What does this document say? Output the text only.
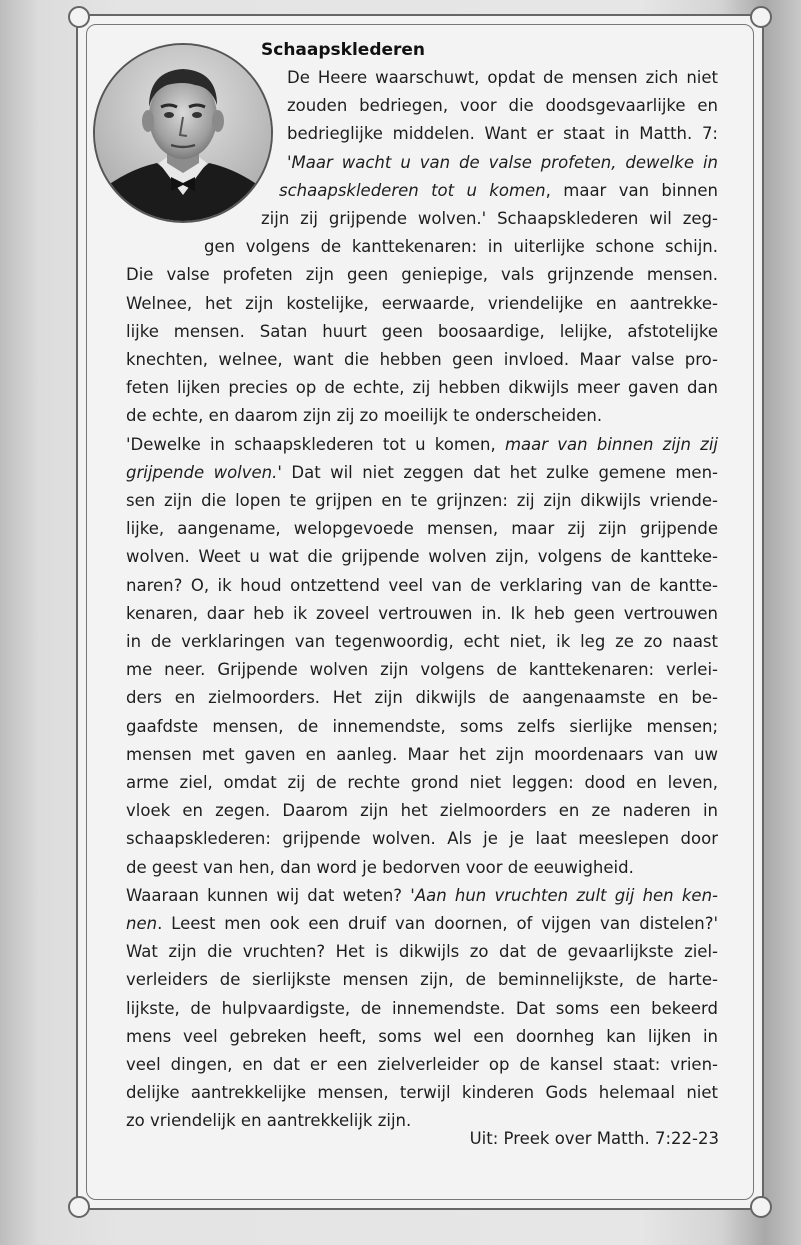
Schaapsklederen
De Heere waarschuwt, opdat de mensen zich niet
zouden bedriegen, voor die doodsgevaarlijke en
bedrieglijke middelen. Want er staat in Matth. 7:
'Maar wacht u van de valse profeten, dewelke in
schaapsklederen tot u komen, maar van binnen
zijn zij grijpende wolven.' Schaapsklederen wil zeg-
gen volgens de kanttekenaren: in uiterlijke schone schijn.
Die valse profeten zijn geen geniepige, vals grijnzende mensen.
Welnee, het zijn kostelijke, eerwaarde, vriendelijke en aantrekke-
lijke mensen. Satan huurt geen boosaardige, lelijke, afstotelijke
knechten, welnee, want die hebben geen invloed. Maar valse pro-
feten lijken precies op de echte, zij hebben dikwijls meer gaven dan
de echte, en daarom zijn zij zo moeilijk te onderscheiden.
'Dewelke in schaapsklederen tot u komen, maar van binnen zijn zij
grijpende wolven.' Dat wil niet zeggen dat het zulke gemene men-
sen zijn die lopen te grijpen en te grijnzen: zij zijn dikwijls vriende-
lijke, aangename, welopgevoede mensen, maar zij zijn grijpende
wolven. Weet u wat die grijpende wolven zijn, volgens de kanttеke-
naren? O, ik houd ontzettend veel van de verklaring van de kantte-
kenaren, daar heb ik zoveel vertrouwen in. Ik heb geen vertrouwen
in de verklaringen van tegenwoordig, echt niet, ik leg ze zo naast
me neer. Grijpende wolven zijn volgens de kanttekenaren: verlei-
ders en zielmoorders. Het zijn dikwijls de aangenaamste en be-
gaafdste mensen, de innemendste, soms zelfs sierlijke mensen;
mensen met gaven en aanleg. Maar het zijn moordenaars van uw
arme ziel, omdat zij de rechte grond niet leggen: dood en leven,
vloek en zegen. Daarom zijn het zielmoorders en ze naderen in
schaapsklederen: grijpende wolven. Als je je laat meeslepen door
de geest van hen, dan word je bedorven voor de eeuwigheid.
Waaraan kunnen wij dat weten? 'Aan hun vruchten zult gij hen ken-
nen. Leest men ook een druif van doornen, of vijgen van distelen?'
Wat zijn die vruchten? Het is dikwijls zo dat de gevaarlijkste ziel-
verleiders de sierlijkste mensen zijn, de beminnelijkste, de harte-
lijkste, de hulpvaardigste, de innemendste. Dat soms een bekeerd
mens veel gebreken heeft, soms wel een doornheg kan lijken in
veel dingen, en dat er een zielverleider op de kansel staat: vrien-
delijke aantrekkelijke mensen, terwijl kinderen Gods helemaal niet
zo vriendelijk en aantrekkelijk zijn.
Uit: Preek over Matth. 7:22-23
